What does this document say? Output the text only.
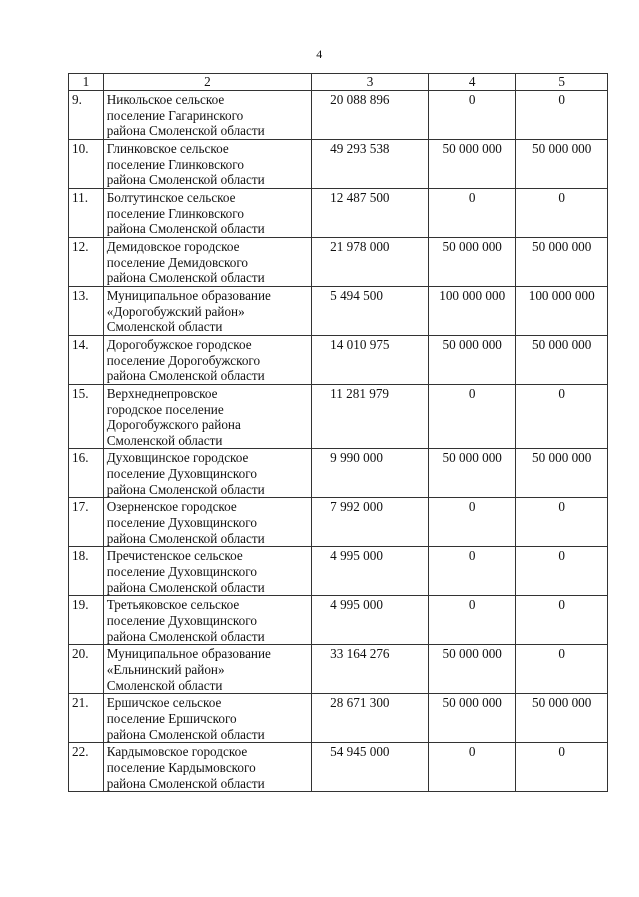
4
1	2	3	4	5
9.	Никольское сельское
поселение Гагаринского
района Смоленской области	20 088 896	0	0
10.	Глинковское сельское
поселение Глинковского
района Смоленской области	49 293 538	50 000 000	50 000 000
11.	Болтутинское сельское
поселение Глинковского
района Смоленской области	12 487 500	0	0
12.	Демидовское городское
поселение Демидовского
района Смоленской области	21 978 000	50 000 000	50 000 000
13.	Муниципальное образование
«Дорогобужский район»
Смоленской области	5 494 500	100 000 000	100 000 000
14.	Дорогобужское городское
поселение Дорогобужского
района Смоленской области	14 010 975	50 000 000	50 000 000
15.	Верхнеднепровское
городское поселение
Дорогобужского района
Смоленской области	11 281 979	0	0
16.	Духовщинское городское
поселение Духовщинского
района Смоленской области	9 990 000	50 000 000	50 000 000
17.	Озерненское городское
поселение Духовщинского
района Смоленской области	7 992 000	0	0
18.	Пречистенское сельское
поселение Духовщинского
района Смоленской области	4 995 000	0	0
19.	Третьяковское сельское
поселение Духовщинского
района Смоленской области	4 995 000	0	0
20.	Муниципальное образование
«Ельнинский район»
Смоленской области	33 164 276	50 000 000	0
21.	Ершичское сельское
поселение Ершичского
района Смоленской области	28 671 300	50 000 000	50 000 000
22.	Кардымовское городское
поселение Кардымовского
района Смоленской области	54 945 000	0	0
